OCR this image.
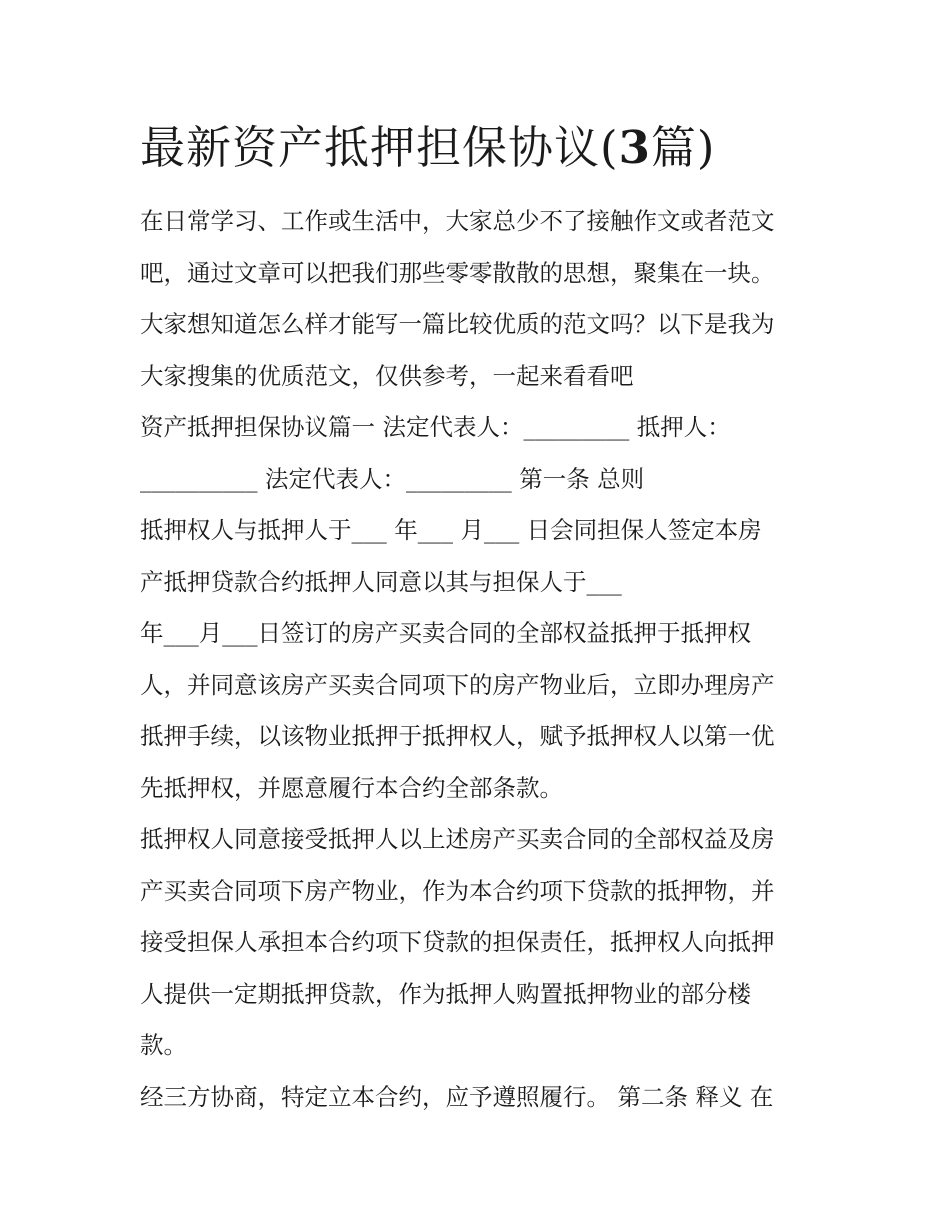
最新资产抵押担保协议(3篇)
在日常学习、工作或生活中，大家总少不了接触作文或者范文
吧，通过文章可以把我们那些零零散散的思想，聚集在一块。
大家想知道怎么样才能写一篇比较优质的范文吗？以下是我为
大家搜集的优质范文，仅供参考，一起来看看吧
资产抵押担保协议篇一 法定代表人：_________ 抵押人：
__________ 法定代表人：_________ 第一条 总则
抵押权人与抵押人于___ 年___ 月___ 日会同担保人签定本房
产抵押贷款合约抵押人同意以其与担保人于___
年___月___日签订的房产买卖合同的全部权益抵押于抵押权
人，并同意该房产买卖合同项下的房产物业后，立即办理房产
抵押手续，以该物业抵押于抵押权人，赋予抵押权人以第一优
先抵押权，并愿意履行本合约全部条款。
抵押权人同意接受抵押人以上述房产买卖合同的全部权益及房
产买卖合同项下房产物业，作为本合约项下贷款的抵押物，并
接受担保人承担本合约项下贷款的担保责任，抵押权人向抵押
人提供一定期抵押贷款，作为抵押人购置抵押物业的部分楼
款。
经三方协商，特定立本合约，应予遵照履行。 第二条 释义 在
